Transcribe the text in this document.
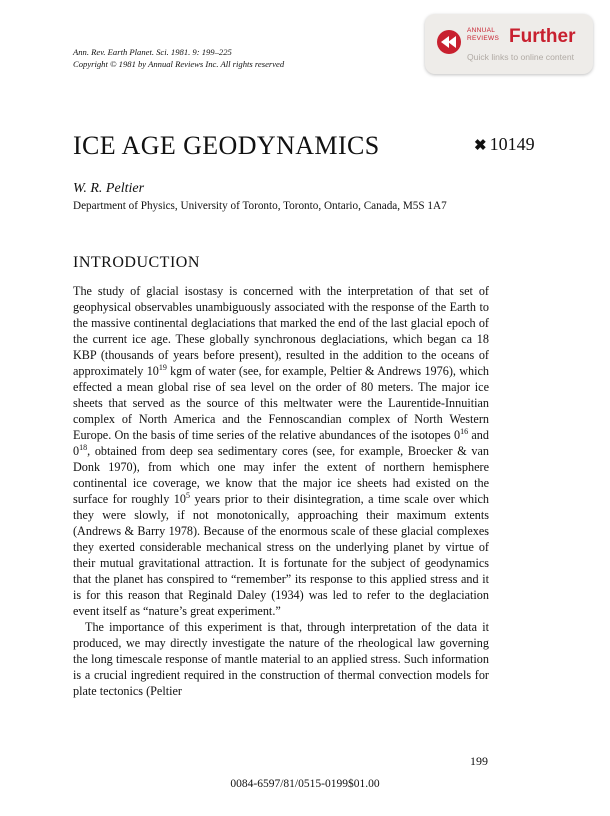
Ann. Rev. Earth Planet. Sci. 1981. 9: 199–225
Copyright © 1981 by Annual Reviews Inc. All rights reserved
ANNUAL
REVIEWS Further
Quick links to online content
ICE AGE GEODYNAMICS	✖ 10149
W. R. Peltier
Department of Physics, University of Toronto, Toronto, Ontario, Canada, M5S 1A7
INTRODUCTION

The study of glacial isostasy is concerned with the interpretation of that set of geophysical observables unambiguously associated with the response of the Earth to the massive continental deglaciations that marked the end of the last glacial epoch of the current ice age. These globally synchronous deglaciations, which began ca 18 KBP (thousands of years before present), resulted in the addition to the oceans of approximately $10^{19}$ kgm of water (see, for example, Peltier & Andrews 1976), which effected a mean global rise of sea level on the order of 80 meters. The major ice sheets that served as the source of this meltwater were the Laurentide-Innuitian complex of North America and the Fennoscandian complex of North Western Europe. On the basis of time series of the relative abundances of the isotopes $0^{16}$ and $0^{18}$, obtained from deep sea sedimentary cores (see, for example, Broecker & van Donk 1970), from which one may infer the extent of northern hemisphere continental ice coverage, we know that the major ice sheets had existed on the surface for roughly $10^5$ years prior to their disintegration, a time scale over which they were slowly, if not monotonically, approaching their maximum extents (Andrews & Barry 1978). Because of the enormous scale of these glacial complexes they exerted considerable mechanical stress on the underlying planet by virtue of their mutual gravitational attraction. It is fortunate for the subject of geodynamics that the planet has conspired to “remember” its response to this applied stress and it is for this reason that Reginald Daley (1934) was led to refer to the deglaciation event itself as “nature’s great experiment.”

The importance of this experiment is that, through interpretation of the data it produced, we may directly investigate the nature of the rheological law governing the long timescale response of mantle material to an applied stress. Such information is a crucial ingredient required in the construction of thermal convection models for plate tectonics (Peltier

199
0084-6597/81/0515-0199$01.00
